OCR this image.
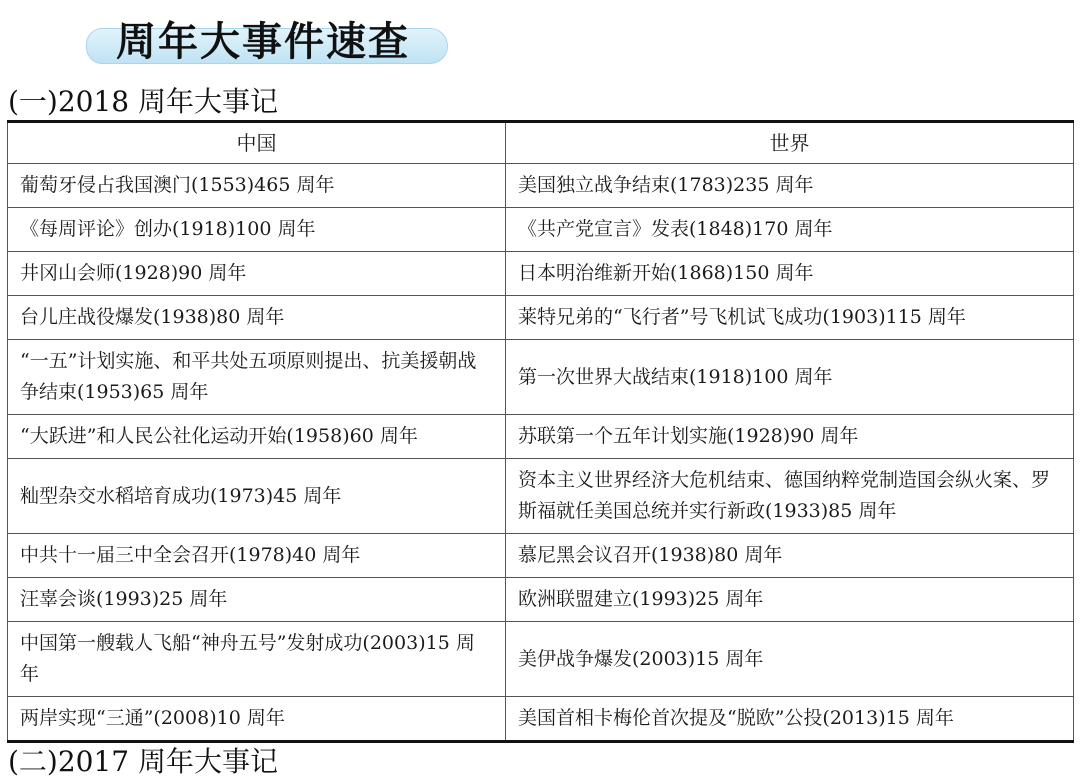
周年大事件速查
(一)2018 周年大事记
中国	世界
葡萄牙侵占我国澳门(1553)465 周年	美国独立战争结束(1783)235 周年
《每周评论》创办(1918)100 周年	《共产党宣言》发表(1848)170 周年
井冈山会师(1928)90 周年	日本明治维新开始(1868)150 周年
台儿庄战役爆发(1938)80 周年	莱特兄弟的“飞行者”号飞机试飞成功(1903)115 周年
“一五”计划实施、和平共处五项原则提出、抗美援朝战争结束(1953)65 周年	第一次世界大战结束(1918)100 周年
“大跃进”和人民公社化运动开始(1958)60 周年	苏联第一个五年计划实施(1928)90 周年
籼型杂交水稻培育成功(1973)45 周年	资本主义世界经济大危机结束、德国纳粹党制造国会纵火案、罗斯福就任美国总统并实行新政(1933)85 周年
中共十一届三中全会召开(1978)40 周年	慕尼黑会议召开(1938)80 周年
汪辜会谈(1993)25 周年	欧洲联盟建立(1993)25 周年
中国第一艘载人飞船“神舟五号”发射成功(2003)15 周年	美伊战争爆发(2003)15 周年
两岸实现“三通”(2008)10 周年	美国首相卡梅伦首次提及“脱欧”公投(2013)15 周年
(二)2017 周年大事记
